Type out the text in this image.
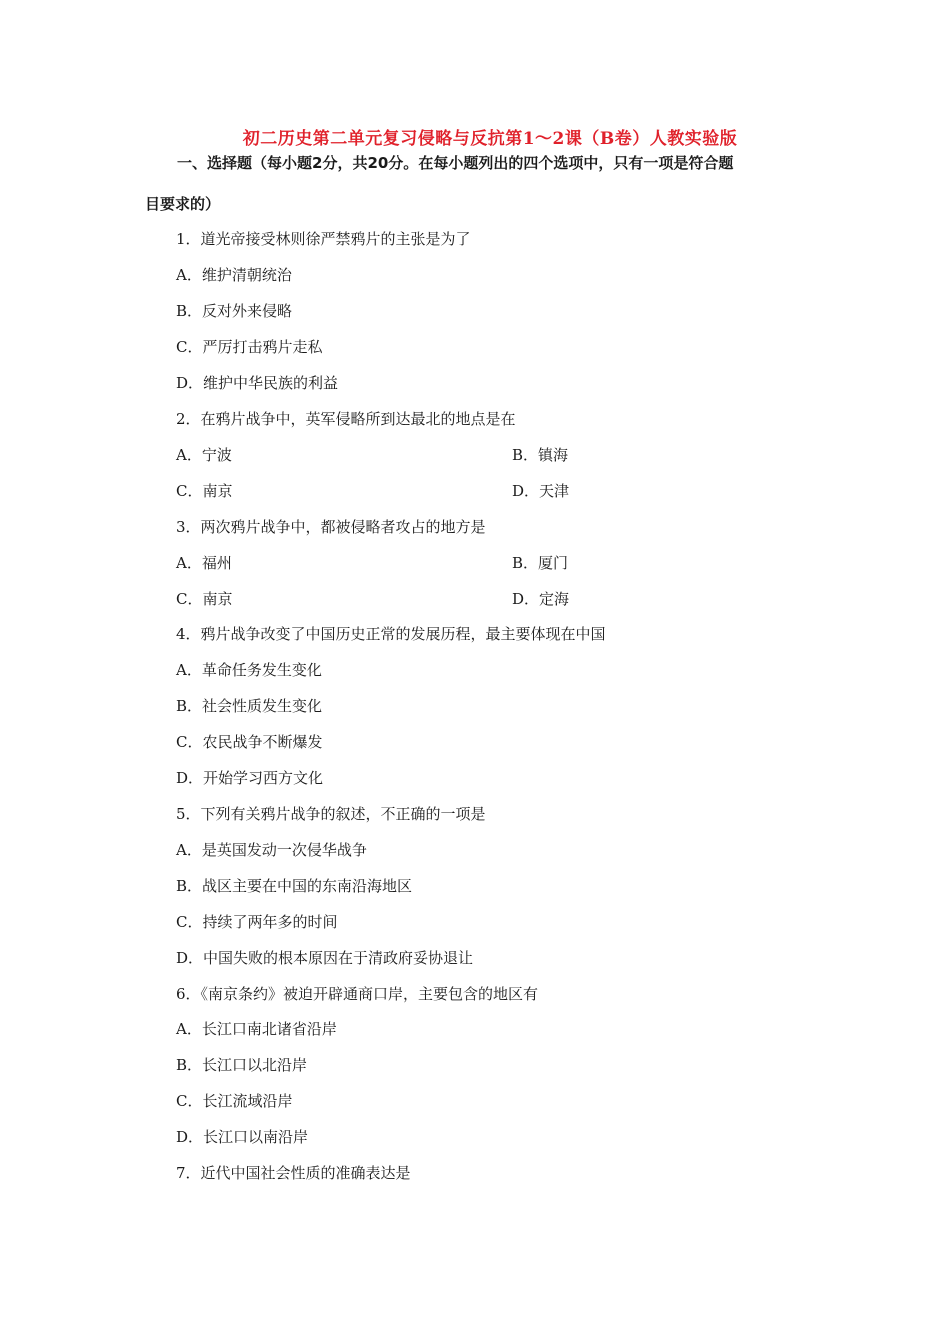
初二历史第二单元复习侵略与反抗第1～2课（B卷）人教实验版
一、选择题（每小题2分，共20分。在每小题列出的四个选项中，只有一项是符合题
目要求的）
1．道光帝接受林则徐严禁鸦片的主张是为了
A．维护清朝统治
B．反对外来侵略
C．严厉打击鸦片走私
D．维护中华民族的利益
2．在鸦片战争中，英军侵略所到达最北的地点是在
A．宁波	B．镇海
C．南京	D．天津
3．两次鸦片战争中，都被侵略者攻占的地方是
A．福州	B．厦门
C．南京	D．定海
4．鸦片战争改变了中国历史正常的发展历程，最主要体现在中国
A．革命任务发生变化
B．社会性质发生变化
C．农民战争不断爆发
D．开始学习西方文化
5．下列有关鸦片战争的叙述，不正确的一项是
A．是英国发动一次侵华战争
B．战区主要在中国的东南沿海地区
C．持续了两年多的时间
D．中国失败的根本原因在于清政府妥协退让
6．《南京条约》被迫开辟通商口岸，主要包含的地区有
A．长江口南北诸省沿岸
B．长江口以北沿岸
C．长江流域沿岸
D．长江口以南沿岸
7．近代中国社会性质的准确表达是
